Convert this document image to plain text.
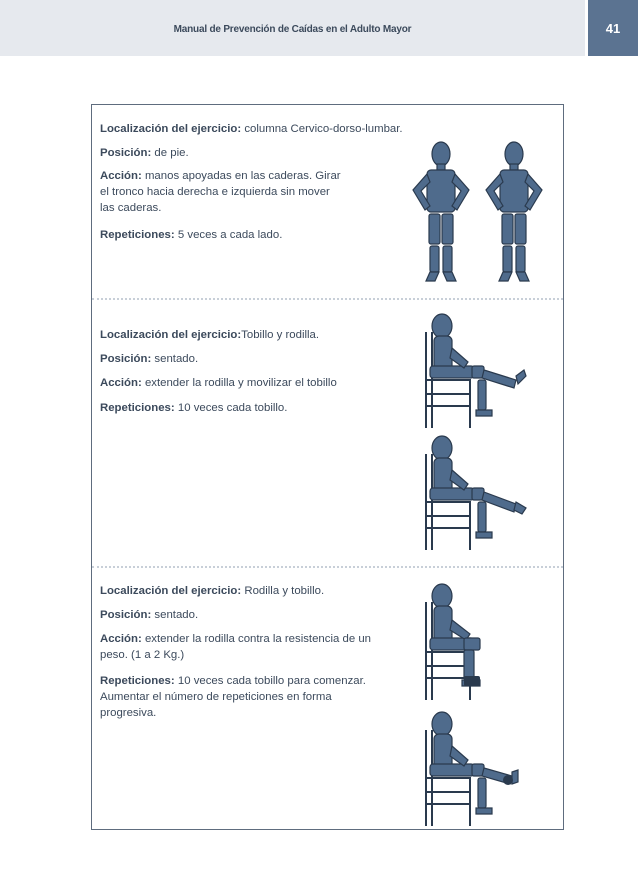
Manual de Prevención de Caídas en el Adulto Mayor	41
Localización del ejercicio: columna Cervico-dorso-lumbar.
Posición: de pie.
Acción: manos apoyadas en las caderas. Girar
el tronco hacia derecha e izquierda sin mover
las caderas.
Repeticiones: 5 veces a cada lado.
Localización del ejercicio:Tobillo y rodilla.
Posición: sentado.
Acción: extender la rodilla y movilizar el tobillo
Repeticiones: 10 veces cada tobillo.
Localización del ejercicio: Rodilla y tobillo.
Posición: sentado.
Acción: extender la rodilla contra la resistencia de un
peso. (1 a 2 Kg.)
Repeticiones: 10 veces cada tobillo para comenzar.
Aumentar el número de repeticiones en forma
progresiva.
